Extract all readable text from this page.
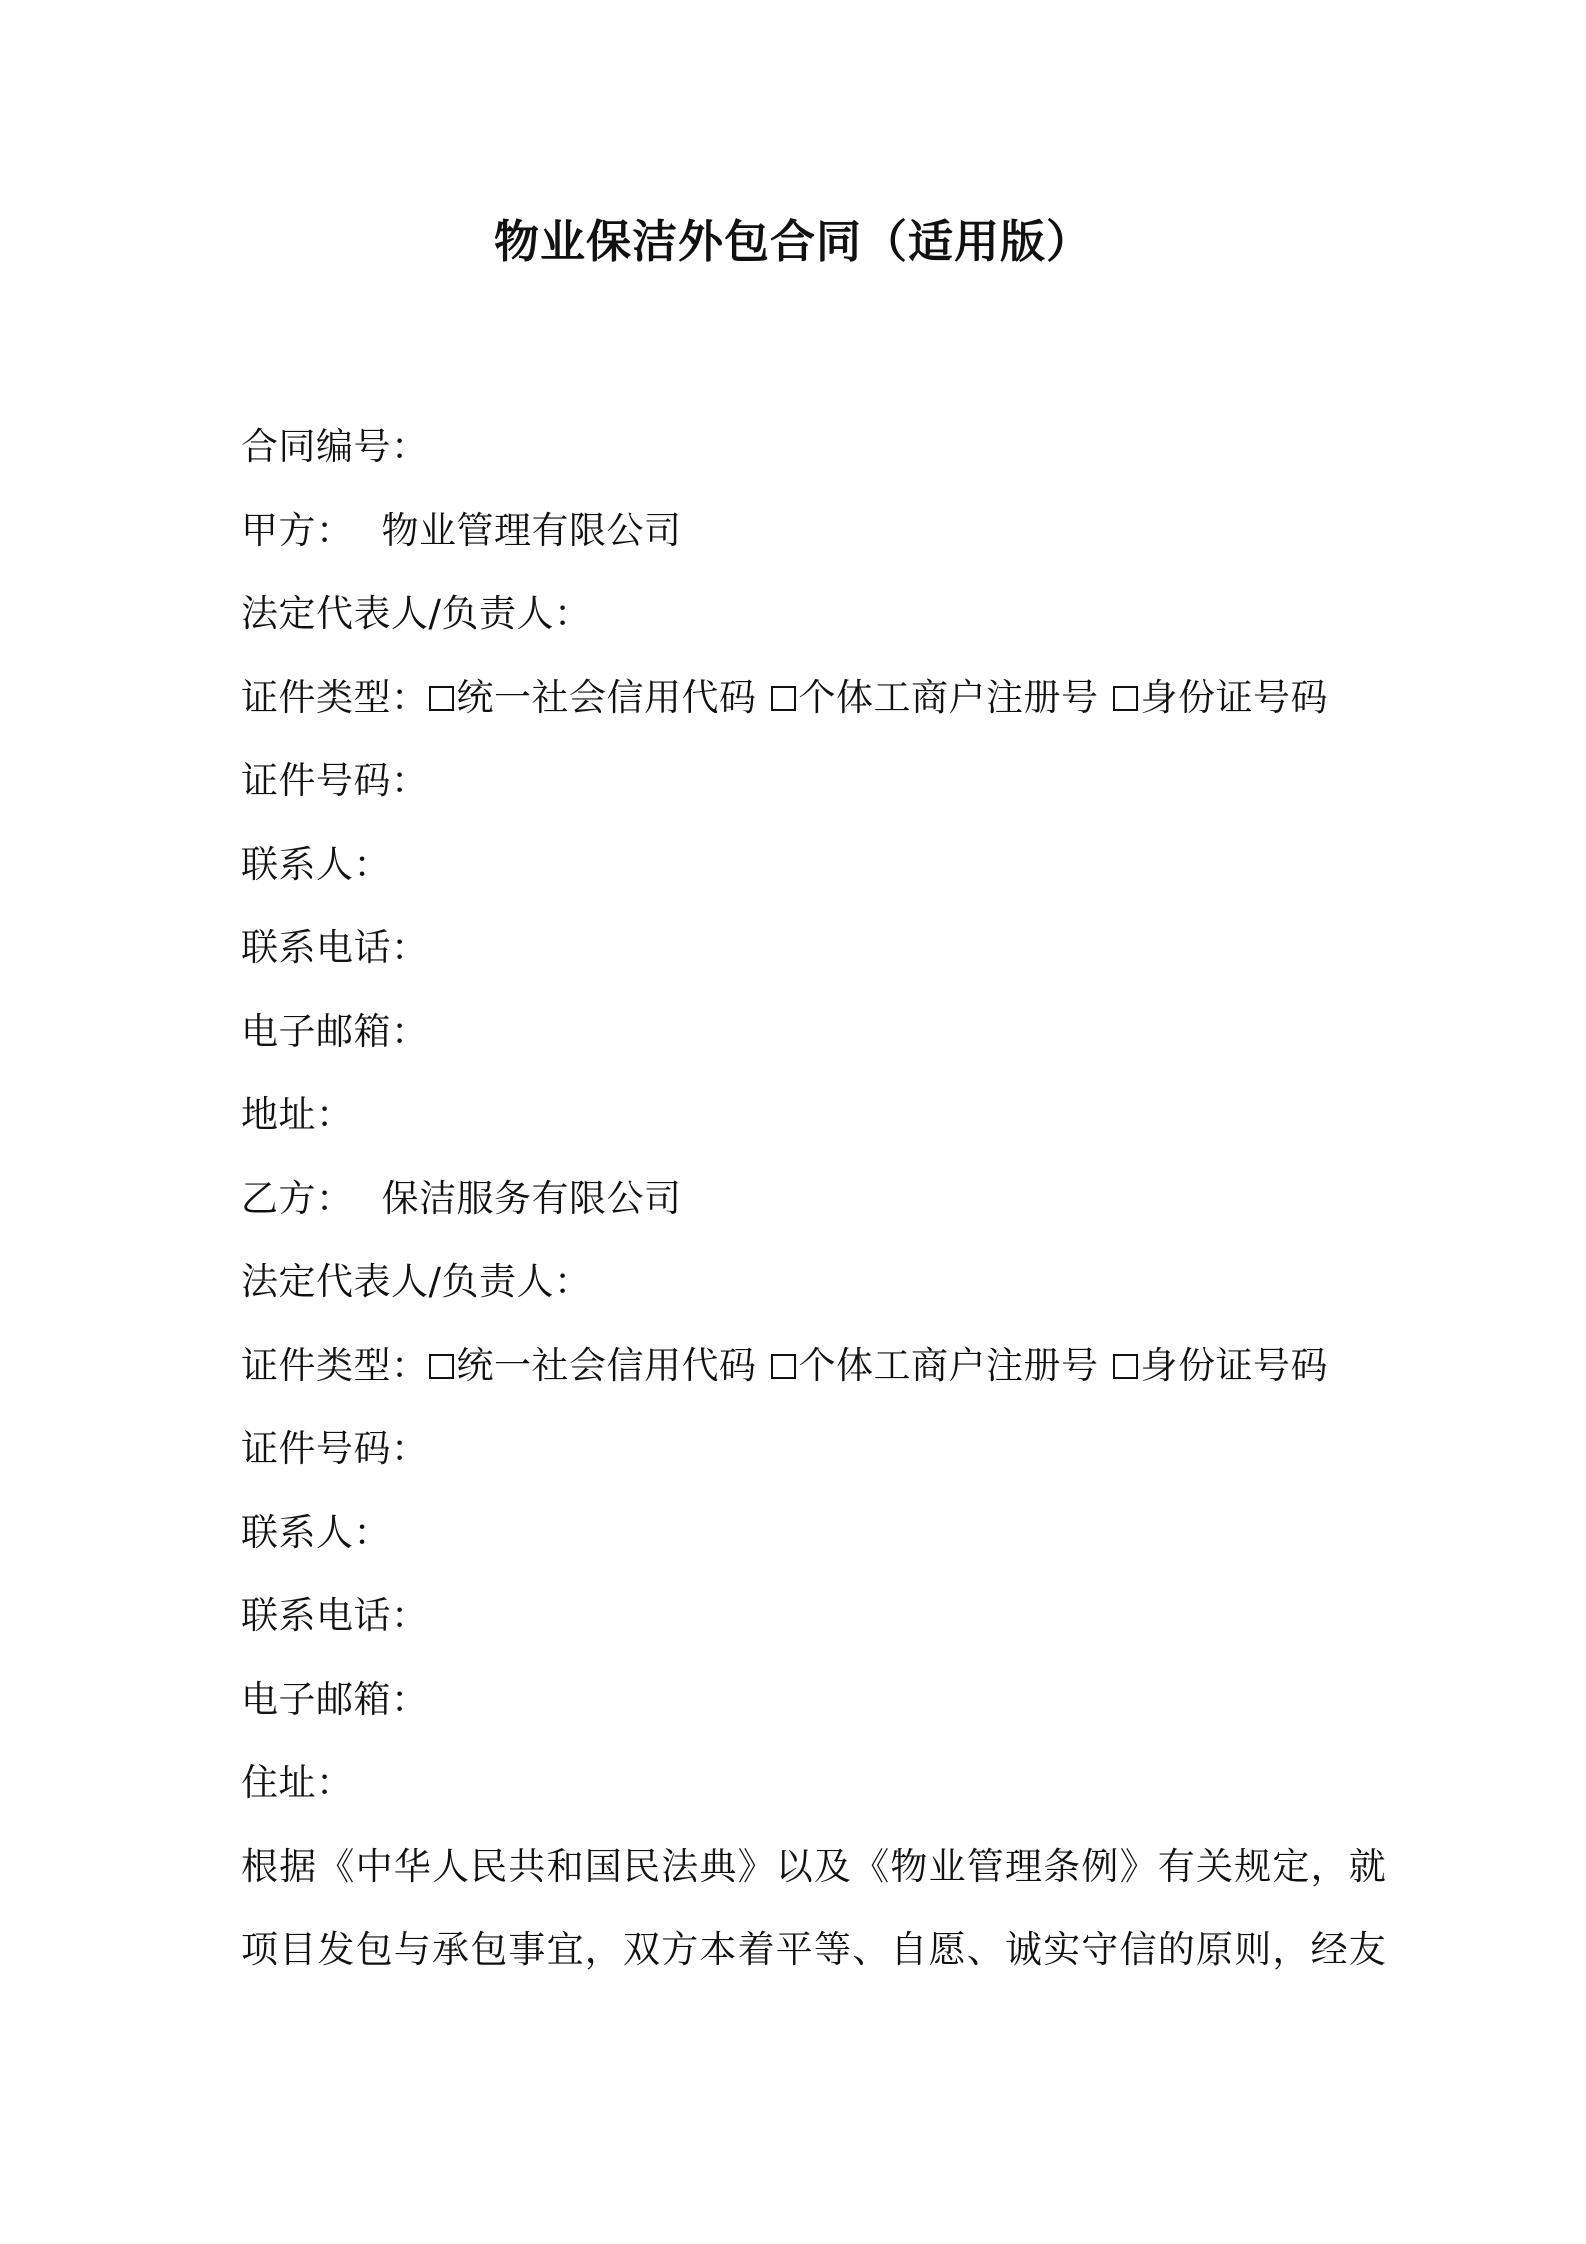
物业保洁外包合同（适用版）
合同编号：
甲方： 物业管理有限公司
法定代表人/负责人：
证件类型： 统一社会信用代码 个体工商户注册号 身份证号码
证件号码：
联系人：
联系电话：
电子邮箱：
地址：
乙方： 保洁服务有限公司
法定代表人/负责人：
证件类型： 统一社会信用代码 个体工商户注册号 身份证号码
证件号码：
联系人：
联系电话：
电子邮箱：
住址：
根据《中华人民共和国民法典》以及《物业管理条例》有关规定，就
项目发包与承包事宜，双方本着平等、自愿、诚实守信的原则，经友
